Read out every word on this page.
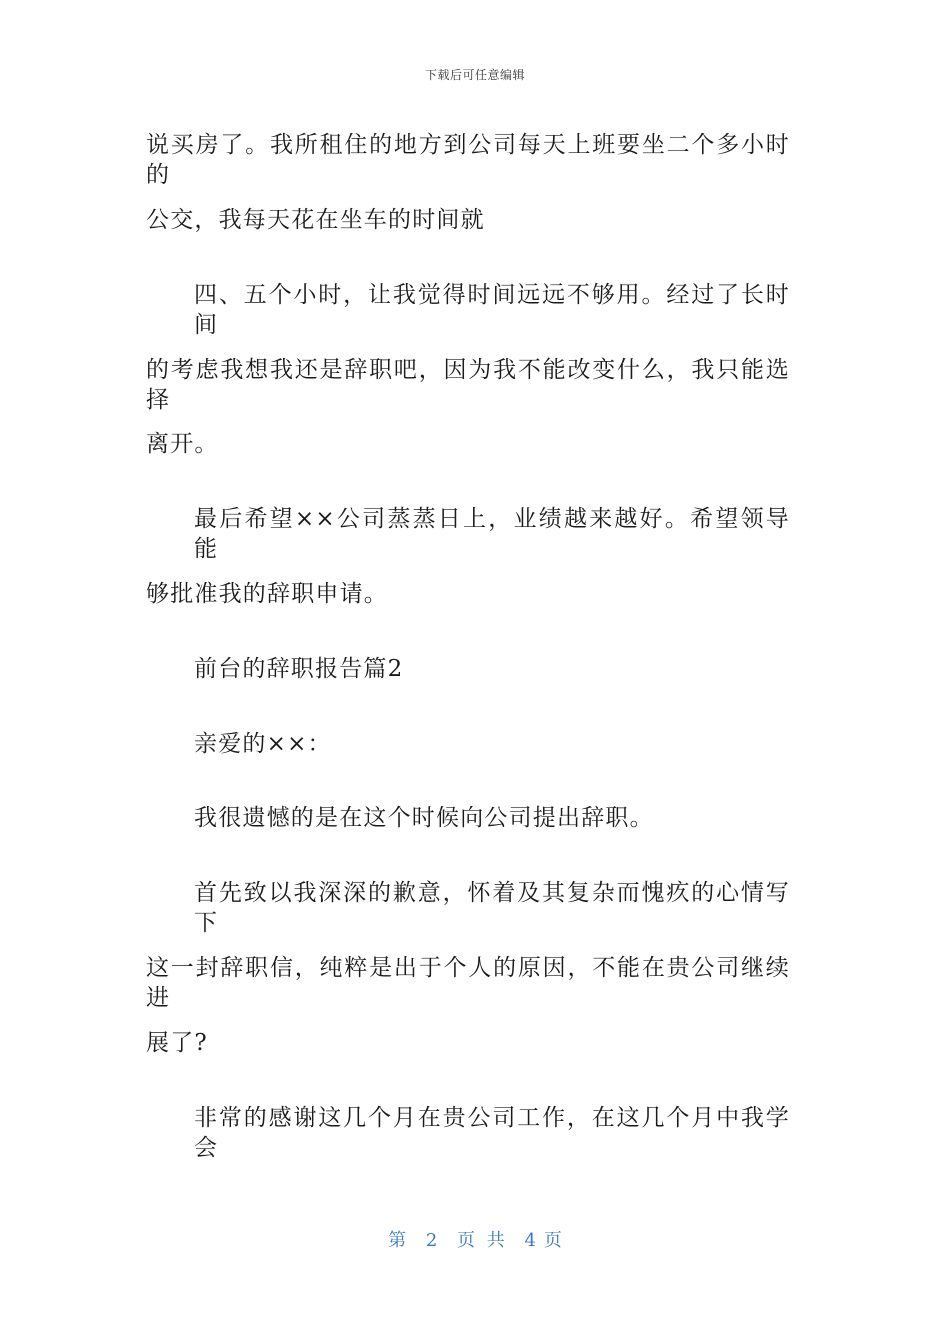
下载后可任意编辑
说买房了。我所租住的地方到公司每天上班要坐二个多小时的
公交，我每天花在坐车的时间就
四、五个小时，让我觉得时间远远不够用。经过了长时间
的考虑我想我还是辞职吧，因为我不能改变什么，我只能选择
离开。
最后希望××公司蒸蒸日上，业绩越来越好。希望领导能
够批准我的辞职申请。
前台的辞职报告篇2
亲爱的××：
我很遗憾的是在这个时候向公司提出辞职。
首先致以我深深的歉意，怀着及其复杂而愧疚的心情写下
这一封辞职信，纯粹是出于个人的原因，不能在贵公司继续进
展了?
非常的感谢这几个月在贵公司工作，在这几个月中我学会
第 2 页 共 4 页
